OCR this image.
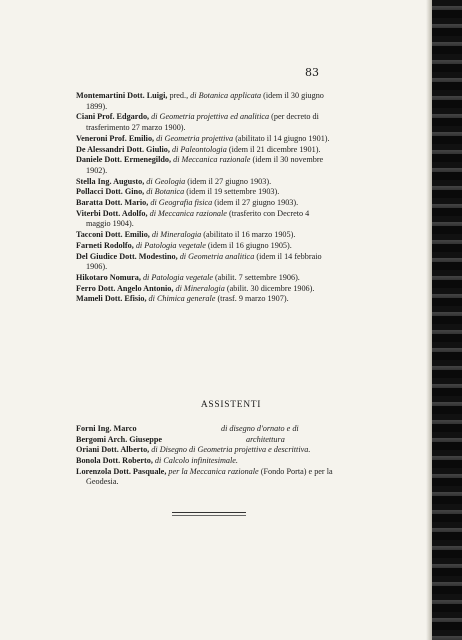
83

Montemartini Dott. Luigi, pred., di Botanica applicata (idem il 30 giugno 1899).

Ciani Prof. Edgardo, di Geometria projettiva ed analitica (per decreto di trasferimento 27 marzo 1900).

Veneroni Prof. Emilio, di Geometria projettiva (abilitato il 14 giugno 1901).

De Alessandri Dott. Giulio, di Paleontologia (idem il 21 dicembre 1901).

Daniele Dott. Ermenegildo, di Meccanica razionale (idem il 30 novembre 1902).

Stella Ing. Augusto, di Geologia (idem il 27 giugno 1903).

Pollacci Dott. Gino, di Botanica (idem il 19 settembre 1903).

Baratta Dott. Mario, di Geografia fisica (idem il 27 giugno 1903).

Viterbi Dott. Adolfo, di Meccanica razionale (trasferito con Decreto 4 maggio 1904).

Tacconi Dott. Emilio, di Mineralogia (abilitato il 16 marzo 1905).

Farneti Rodolfo, di Patologia vegetale (idem il 16 giugno 1905).

Del Giudice Dott. Modestino, di Geometria analitica (idem il 14 febbraio 1906).

Hikotaro Nomura, di Patologia vegetale (abilit. 7 settembre 1906).

Ferro Dott. Angelo Antonio, di Mineralogia (abilit. 30 dicembre 1906).

Mameli Dott. Efisio, di Chimica generale (trasf. 9 marzo 1907).

ASSISTENTI
Forni Ing. Marco	di disegno d'ornato e di
Bergomi Arch. Giuseppe	architettura

Oriani Dott. Alberto, di Disegno di Geometria projettiva e descrittiva.

Bonola Dott. Roberto, di Calcolo infinitesimale.

Lorenzola Dott. Pasquale, per la Meccanica razionale (Fondo Porta) e per la Geodesia.
